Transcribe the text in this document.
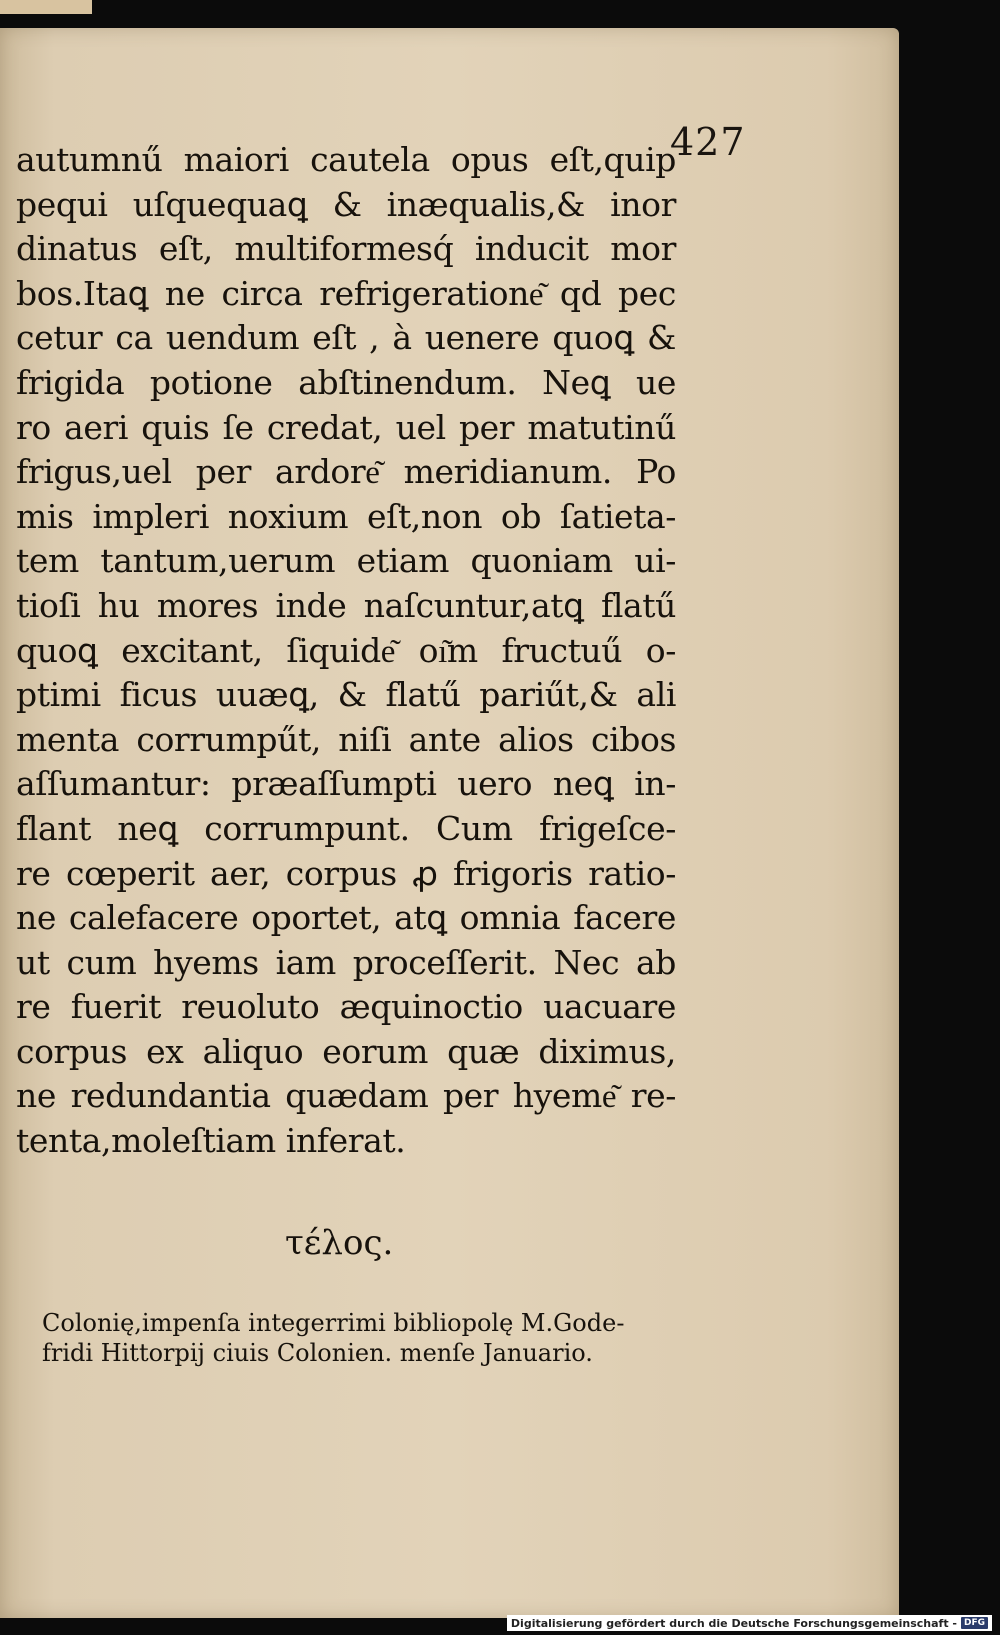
427
autumnű maiori cautela opus eſt,quip
pequi uſquequaꝗ & inæqualis,& inor
dinatus eſt, multiformesq́ inducit mor
bos.Itaꝗ ne circa refrigeratione͂ qd pec
cetur ca uendum eſt , à uenere quoꝗ &
frigida potione abſtinendum. Neꝗ ue
ro aeri quis ſe credat, uel per matutinű
frigus,uel per ardore͂ meridianum. Po
mis impleri noxium eſt,non ob ſatieta-
tem tantum,uerum etiam quoniam ui-
tioſi hu mores inde naſcuntur,atꝗ flatű
quoꝗ excitant, ſiquide͂ oı͂m fructuű o-
ptimi ficus uuæꝗ, & flatű pariűt,& ali
menta corrumpűt, niſi ante alios cibos
aſſumantur: præaſſumpti uero neꝗ in-
flant neꝗ corrumpunt. Cum frigeſce-
re cœperit aer, corpus ꝓ frigoris ratio-
ne calefacere oportet, atꝗ omnia facere
ut cum hyems iam proceſſerit. Nec ab
re fuerit reuoluto æquinoctio uacuare
corpus ex aliquo eorum quæ diximus,
ne redundantia quædam per hyeme͂ re-
tenta,moleſtiam inferat.
τέλος.
Colonię,impenſa integerrimi bibliopolę M.Gode-
fridi Hittorpij ciuis Colonien. menſe Januario.
Digitalisierung gefördert durch die Deutsche Forschungsgemeinschaft - DFG
